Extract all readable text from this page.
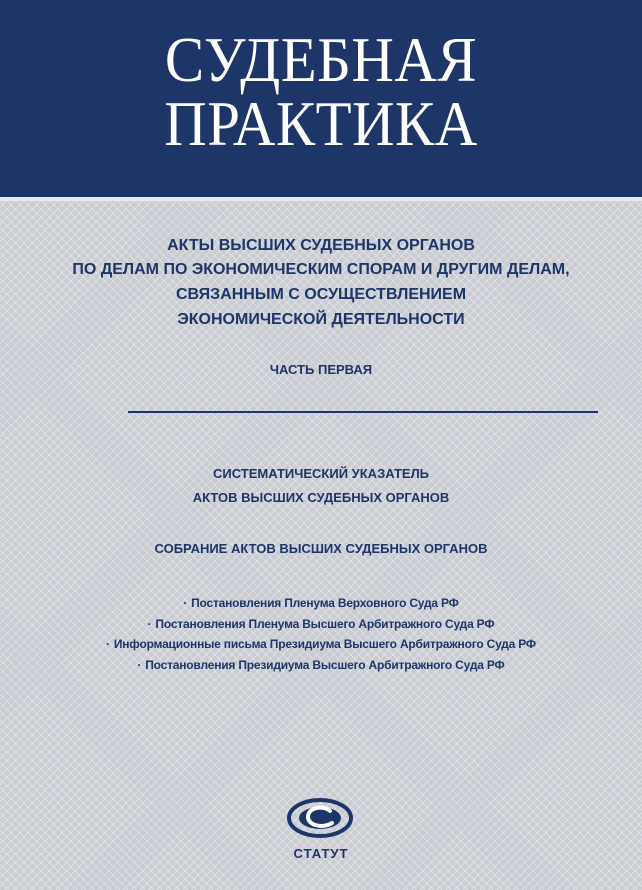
СУДЕБНАЯ ПРАКТИКА
АКТЫ ВЫСШИХ СУДЕБНЫХ ОРГАНОВ
ПО ДЕЛАМ ПО ЭКОНОМИЧЕСКИМ СПОРАМ И ДРУГИМ ДЕЛАМ,
СВЯЗАННЫМ С ОСУЩЕСТВЛЕНИЕМ
ЭКОНОМИЧЕСКОЙ ДЕЯТЕЛЬНОСТИ
ЧАСТЬ ПЕРВАЯ
СИСТЕМАТИЧЕСКИЙ УКАЗАТЕЛЬ
АКТОВ ВЫСШИХ СУДЕБНЫХ ОРГАНОВ
СОБРАНИЕ АКТОВ ВЫСШИХ СУДЕБНЫХ ОРГАНОВ
· Постановления Пленума Верховного Суда РФ
· Постановления Пленума Высшего Арбитражного Суда РФ
· Информационные письма Президиума Высшего Арбитражного Суда РФ
· Постановления Президиума Высшего Арбитражного Суда РФ
СТАТУТ
